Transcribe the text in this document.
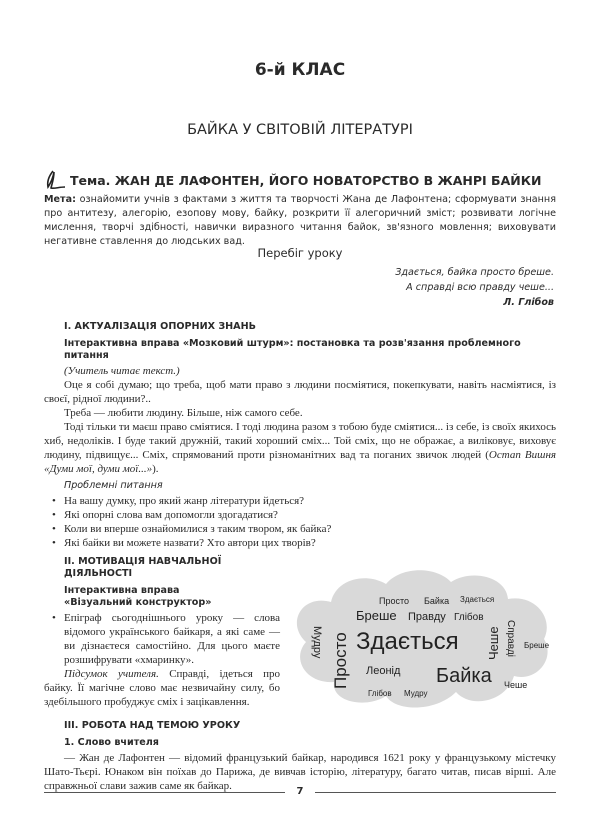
6-й КЛАС
БАЙКА У СВІТОВІЙ ЛІТЕРАТУРІ
Тема. ЖАН ДЕ ЛАФОНТЕН, ЙОГО НОВАТОРСТВО В ЖАНРІ БАЙКИ
Мета: ознайомити учнів з фактами з життя та творчості Жана де Лафонтена; сформувати знання про антитезу, алегорію, езопову мову, байку, розкрити її алегоричний зміст; розвивати логічне мислення, творчі здібності, навички виразного читання байок, зв'язного мовлення; виховувати негативне ставлення до людських вад.
Перебіг уроку
Здається, байка просто бреше.
А справді всю правду чеше...
Л. Глібов
I. АКТУАЛІЗАЦІЯ ОПОРНИХ ЗНАНЬ
Інтерактивна вправа «Мозковий штурм»: постановка та розв'язання проблемного питання
(Учитель читає текст.)
Оце я собі думаю; що треба, щоб мати право з людини посміятися, покепкувати, навіть насміятися, із своєї, рідної людини?..
Треба — любити людину. Більше, ніж самого себе.
Тоді тільки ти маєш право сміятися. І тоді людина разом з тобою буде сміятися... із себе, із своїх якихось хиб, недоліків. І буде такий дружній, такий хороший сміх... Той сміх, що не ображає, а виліковує, виховує людину, підвищує... Сміх, спрямований проти різноманітних вад та поганих звичок людей (Остап Вишня «Думи мої, думи мої...»).
Проблемні питання
• На вашу думку, про який жанр літератури йдеться?
• Які опорні слова вам допомогли здогадатися?
• Коли ви вперше ознайомилися з таким твором, як байка?
• Які байки ви можете назвати? Хто автори цих творів?
II. МОТИВАЦІЯ НАВЧАЛЬНОЇ ДІЯЛЬНОСТІ
Інтерактивна вправа «Візуальний конструктор»
• Епіграф сьогоднішнього уроку — слова відомого українського байкаря, а які саме — ви дізнаєтеся самостійно. Для цього маєте розшифрувати «хмаринку».
Підсумок учителя. Справді, ідеться про байку. Її магічне слово має незвичайну силу, бо здебільшого пробуджує сміх і зацікавлення.
Здається
Байка
Просто
Бреше Правду
Чеше
Глібов
Мудру	Справді
Леонід
Просто Байка
Чеше
Глібов Мудру
Бреше
Здається
III. РОБОТА НАД ТЕМОЮ УРОКУ
1. Слово вчителя
— Жан де Лафонтен — відомий французький байкар, народився 1621 року у французькому містечку Шато-Тьєрі. Юнаком він поїхав до Парижа, де вивчав історію, літературу, багато читав, писав вірші. Але справжньої слави зажив саме як байкар.	7
